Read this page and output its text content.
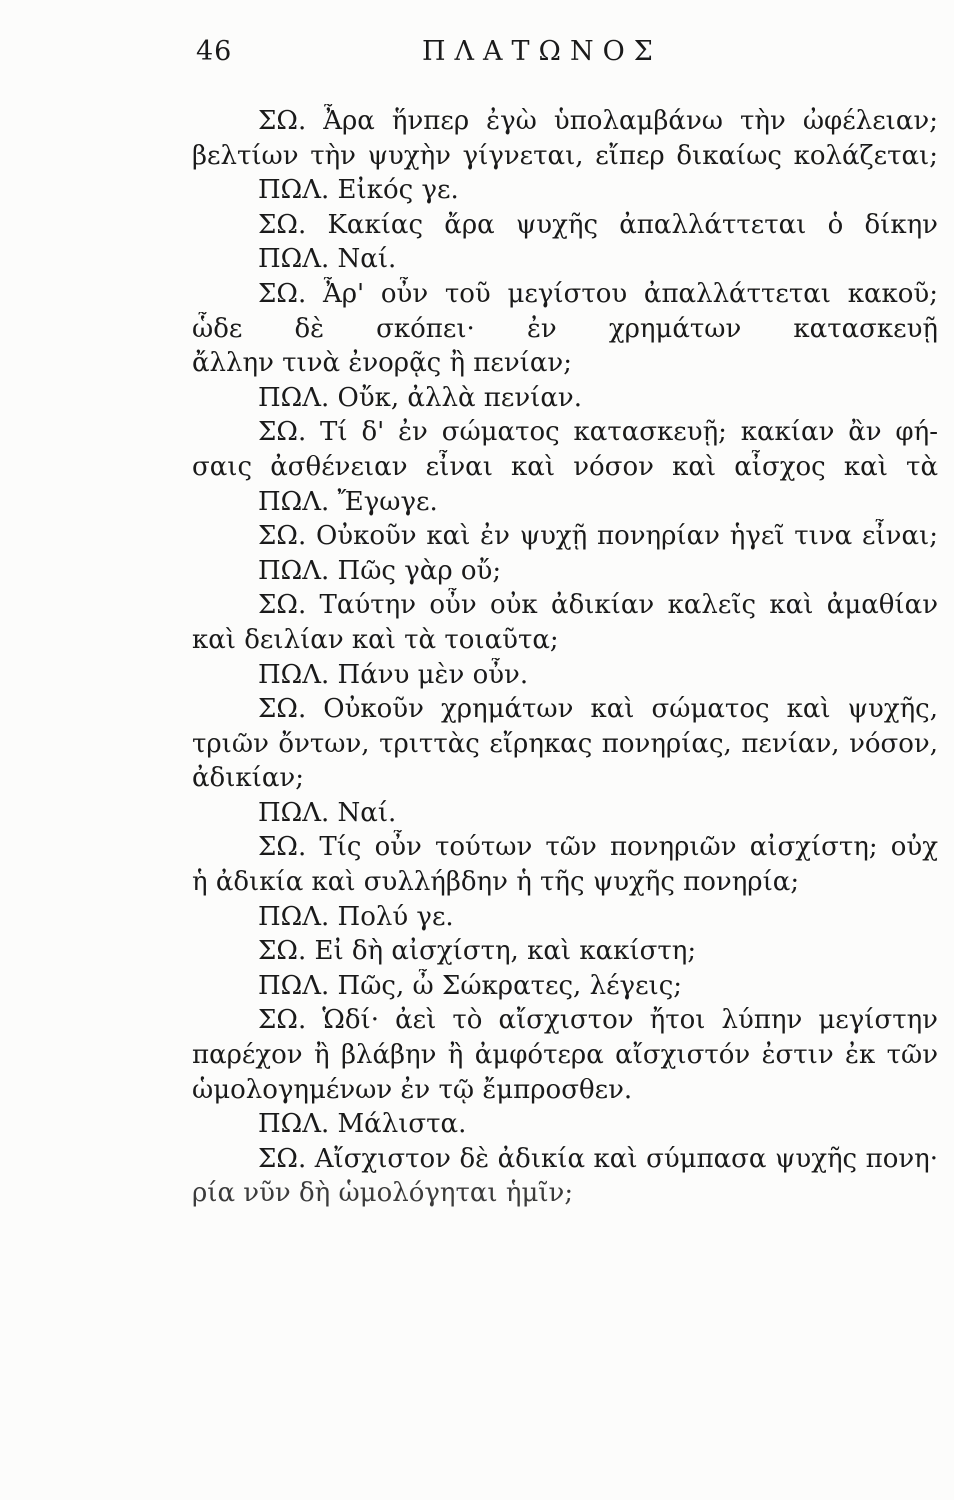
46	ΠΛΑΤΩΝΟΣ
ΣΩ. Ἆρα ἥνπερ ἐγὼ ὑπολαμβάνω τὴν ὠφέλειαν;
βελτίων τὴν ψυχὴν γίγνεται, εἴπερ δικαίως κολάζεται;
ΠΩΛ. Εἰκός γε.
ΣΩ. Κακίας ἄρα ψυχῆς ἀπαλλάττεται ὁ δίκην
ΠΩΛ. Ναί.
ΣΩ. Ἆρ' οὖν τοῦ μεγίστου ἀπαλλάττεται κακοῦ;
ὧδε δὲ σκόπει· ἐν χρημάτων κατασκευῇ
ἄλλην τινὰ ἐνορᾷς ἢ πενίαν;
ΠΩΛ. Οὔκ, ἀλλὰ πενίαν.
ΣΩ. Τί δ' ἐν σώματος κατασκευῇ; κακίαν ἂν φή-
σαις ἀσθένειαν εἶναι καὶ νόσον καὶ αἶσχος καὶ τὰ
ΠΩΛ. Ἔγωγε.
ΣΩ. Οὐκοῦν καὶ ἐν ψυχῇ πονηρίαν ἡγεῖ τινα εἶναι;
ΠΩΛ. Πῶς γὰρ οὔ;
ΣΩ. Ταύτην οὖν οὐκ ἀδικίαν καλεῖς καὶ ἀμαθίαν
καὶ δειλίαν καὶ τὰ τοιαῦτα;
ΠΩΛ. Πάνυ μὲν οὖν.
ΣΩ. Οὐκοῦν χρημάτων καὶ σώματος καὶ ψυχῆς,
τριῶν ὄντων, τριττὰς εἴρηκας πονηρίας, πενίαν, νόσον,
ἀδικίαν;
ΠΩΛ. Ναί.
ΣΩ. Τίς οὖν τούτων τῶν πονηριῶν αἰσχίστη; οὐχ
ἡ ἀδικία καὶ συλλήβδην ἡ τῆς ψυχῆς πονηρία;
ΠΩΛ. Πολύ γε.
ΣΩ. Εἰ δὴ αἰσχίστη, καὶ κακίστη;
ΠΩΛ. Πῶς, ὦ Σώκρατες, λέγεις;
ΣΩ. Ὡδί· ἀεὶ τὸ αἴσχιστον ἤτοι λύπην μεγίστην
παρέχον ἢ βλάβην ἢ ἀμφότερα αἴσχιστόν ἐστιν ἐκ τῶν
ὡμολογημένων ἐν τῷ ἔμπροσθεν.
ΠΩΛ. Μάλιστα.
ΣΩ. Αἴσχιστον δὲ ἀδικία καὶ σύμπασα ψυχῆς πονη·
ρία νῦν δὴ ὡμολόγηται ἡμῖν;
